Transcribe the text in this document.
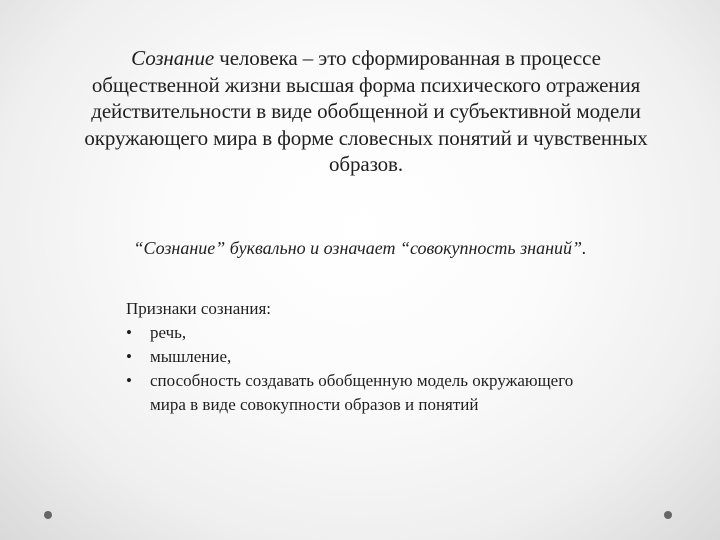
Сознание человека – это сформированная в процессе общественной жизни высшая форма психического отражения действительности в виде обобщенной и субъективной модели окружающего мира в форме словесных понятий и чувственных образов.

“Сознание” буквально и означает “совокупность знаний”.

Признаки сознания:
• речь,
• мышление,
• способность создавать обобщенную модель окружающего мира в виде совокупности образов и понятий
